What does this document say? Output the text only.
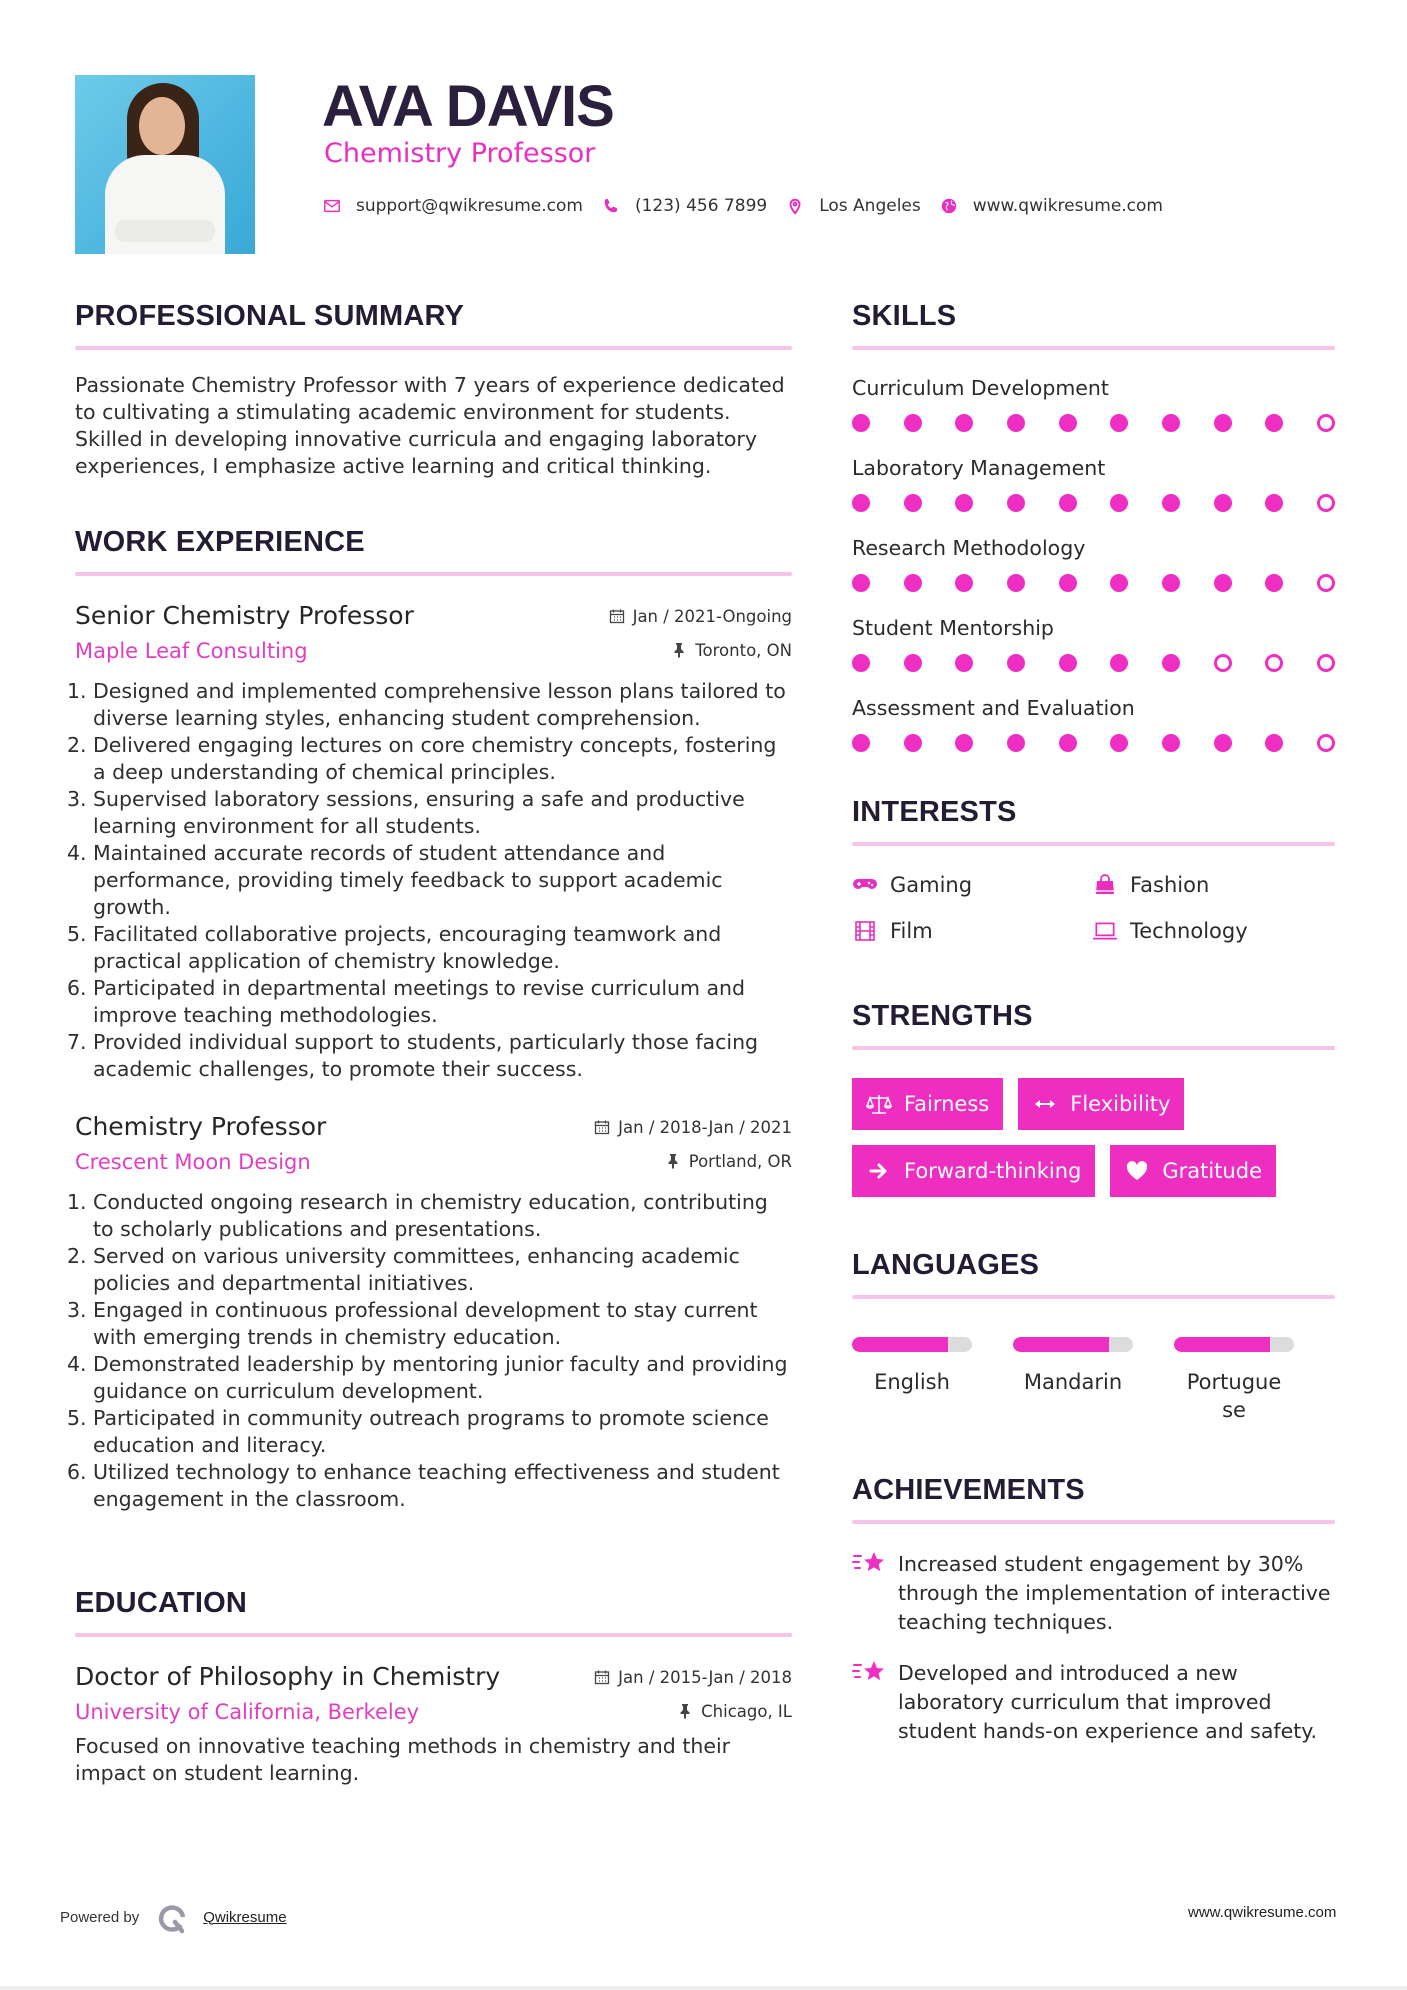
AVA DAVIS
Chemistry Professor
support@qwikresume.com	(123) 456 7899	Los Angeles	www.qwikresume.com
PROFESSIONAL SUMMARY

Passionate Chemistry Professor with 7 years of experience dedicated to cultivating a stimulating academic environment for students. Skilled in developing innovative curricula and engaging laboratory experiences, I emphasize active learning and critical thinking.

WORK EXPERIENCE
Senior Chemistry Professor	Jan / 2021-Ongoing
Maple Leaf Consulting	Toronto, ON
1. Designed and implemented comprehensive lesson plans tailored to diverse learning styles, enhancing student comprehension.
2. Delivered engaging lectures on core chemistry concepts, fostering a deep understanding of chemical principles.
3. Supervised laboratory sessions, ensuring a safe and productive learning environment for all students.
4. Maintained accurate records of student attendance and performance, providing timely feedback to support academic growth.
5. Facilitated collaborative projects, encouraging teamwork and practical application of chemistry knowledge.
6. Participated in departmental meetings to revise curriculum and improve teaching methodologies.
7. Provided individual support to students, particularly those facing academic challenges, to promote their success.
Chemistry Professor	Jan / 2018-Jan / 2021
Crescent Moon Design	Portland, OR
1. Conducted ongoing research in chemistry education, contributing to scholarly publications and presentations.
2. Served on various university committees, enhancing academic policies and departmental initiatives.
3. Engaged in continuous professional development to stay current with emerging trends in chemistry education.
4. Demonstrated leadership by mentoring junior faculty and providing guidance on curriculum development.
5. Participated in community outreach programs to promote science education and literacy.
6. Utilized technology to enhance teaching effectiveness and student engagement in the classroom.
EDUCATION
Doctor of Philosophy in Chemistry	Jan / 2015-Jan / 2018
University of California, Berkeley	Chicago, IL

Focused on innovative teaching methods in chemistry and their impact on student learning.

SKILLS
Curriculum Development
Laboratory Management
Research Methodology
Student Mentorship
Assessment and Evaluation
INTERESTS
Gaming	Fashion
Film	Technology
STRENGTHS
Fairness	Flexibility
Forward-thinking	Gratitude
LANGUAGES
English	Mandarin	Portuguese
ACHIEVEMENTS
Increased student engagement by 30% through the implementation of interactive teaching techniques.
Developed and introduced a new laboratory curriculum that improved student hands-on experience and safety.
Powered by	Qwikresume	www.qwikresume.com
